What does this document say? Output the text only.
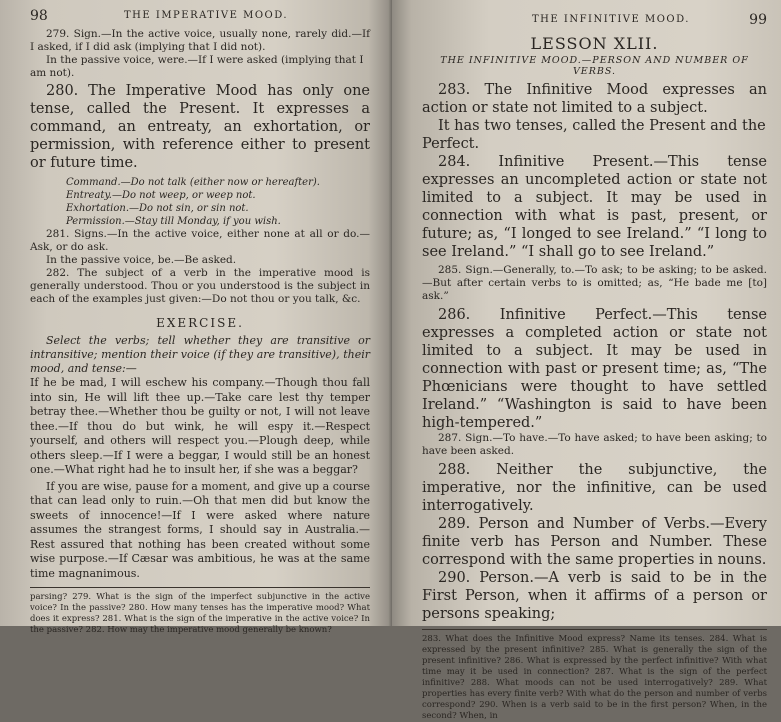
98	THE IMPERATIVE MOOD.

279. Sign.—In the active voice, usually none, rarely did.—If I asked, if I did ask (implying that I did not).

In the passive voice, were.—If I were asked (implying that I am not).

280. The Imperative Mood has only one tense, called the Present. It expresses a command, an entreaty, an exhortation, or permission, with reference either to present or future time.

Command.—Do not talk (either now or hereafter).

Entreaty.—Do not weep, or weep not.

Exhortation.—Do not sin, or sin not.

Permission.—Stay till Monday, if you wish.

281. Signs.—In the active voice, either none at all or do.—Ask, or do ask.

In the passive voice, be.—Be asked.

282. The subject of a verb in the imperative mood is generally understood. Thou or you understood is the subject in each of the examples just given:—Do not thou or you talk, &c.

EXERCISE.

Select the verbs; tell whether they are transitive or intransitive; mention their voice (if they are transitive), their mood, and tense:—

If he be mad, I will eschew his company.—Though thou fall into sin, He will lift thee up.—Take care lest thy temper betray thee.—Whether thou be guilty or not, I will not leave thee.—If thou do but wink, he will espy it.—Respect yourself, and others will respect you.—Plough deep, while others sleep.—If I were a beggar, I would still be an honest one.—What right had he to insult her, if she was a beggar?

If you are wise, pause for a moment, and give up a course that can lead only to ruin.—Oh that men did but know the sweets of innocence!—If I were asked where nature assumes the strangest forms, I should say in Australia.—Rest assured that nothing has been created without some wise purpose.—If Cæsar was ambitious, he was at the same time magnanimous.

parsing? 279. What is the sign of the imperfect subjunctive in the active voice? In the passive? 280. How many tenses has the imperative mood? What does it express? 281. What is the sign of the imperative in the active voice? In the passive? 282. How may the imperative mood generally be known?

THE INFINITIVE MOOD.	99
LESSON XLII.
THE INFINITIVE MOOD.—PERSON AND NUMBER OF VERBS.

283. The Infinitive Mood expresses an action or state not limited to a subject.

It has two tenses, called the Present and the Perfect.

284. Infinitive Present.—This tense expresses an uncompleted action or state not limited to a subject. It may be used in connection with what is past, present, or future; as, “I longed to see Ireland.” “I long to see Ireland.” “I shall go to see Ireland.”

285. Sign.—Generally, to.—To ask; to be asking; to be asked.—But after certain verbs to is omitted; as, “He bade me [to] ask.”

286. Infinitive Perfect.—This tense expresses a completed action or state not limited to a subject. It may be used in connection with past or present time; as, “The Phœnicians were thought to have settled Ireland.” “Washington is said to have been high-tempered.”

287. Sign.—To have.—To have asked; to have been asking; to have been asked.

288. Neither the subjunctive, the imperative, nor the infinitive, can be used interrogatively.

289. Person and Number of Verbs.—Every finite verb has Person and Number. These correspond with the same properties in nouns.

290. Person.—A verb is said to be in the First Person, when it affirms of a person or persons speaking;

283. What does the Infinitive Mood express? Name its tenses. 284. What is expressed by the present infinitive? 285. What is generally the sign of the present infinitive? 286. What is expressed by the perfect infinitive? With what time may it be used in connection? 287. What is the sign of the perfect infinitive? 288. What moods can not be used interrogatively? 289. What properties has every finite verb? With what do the person and number of verbs correspond? 290. When is a verb said to be in the first person? When, in the second? When, in
